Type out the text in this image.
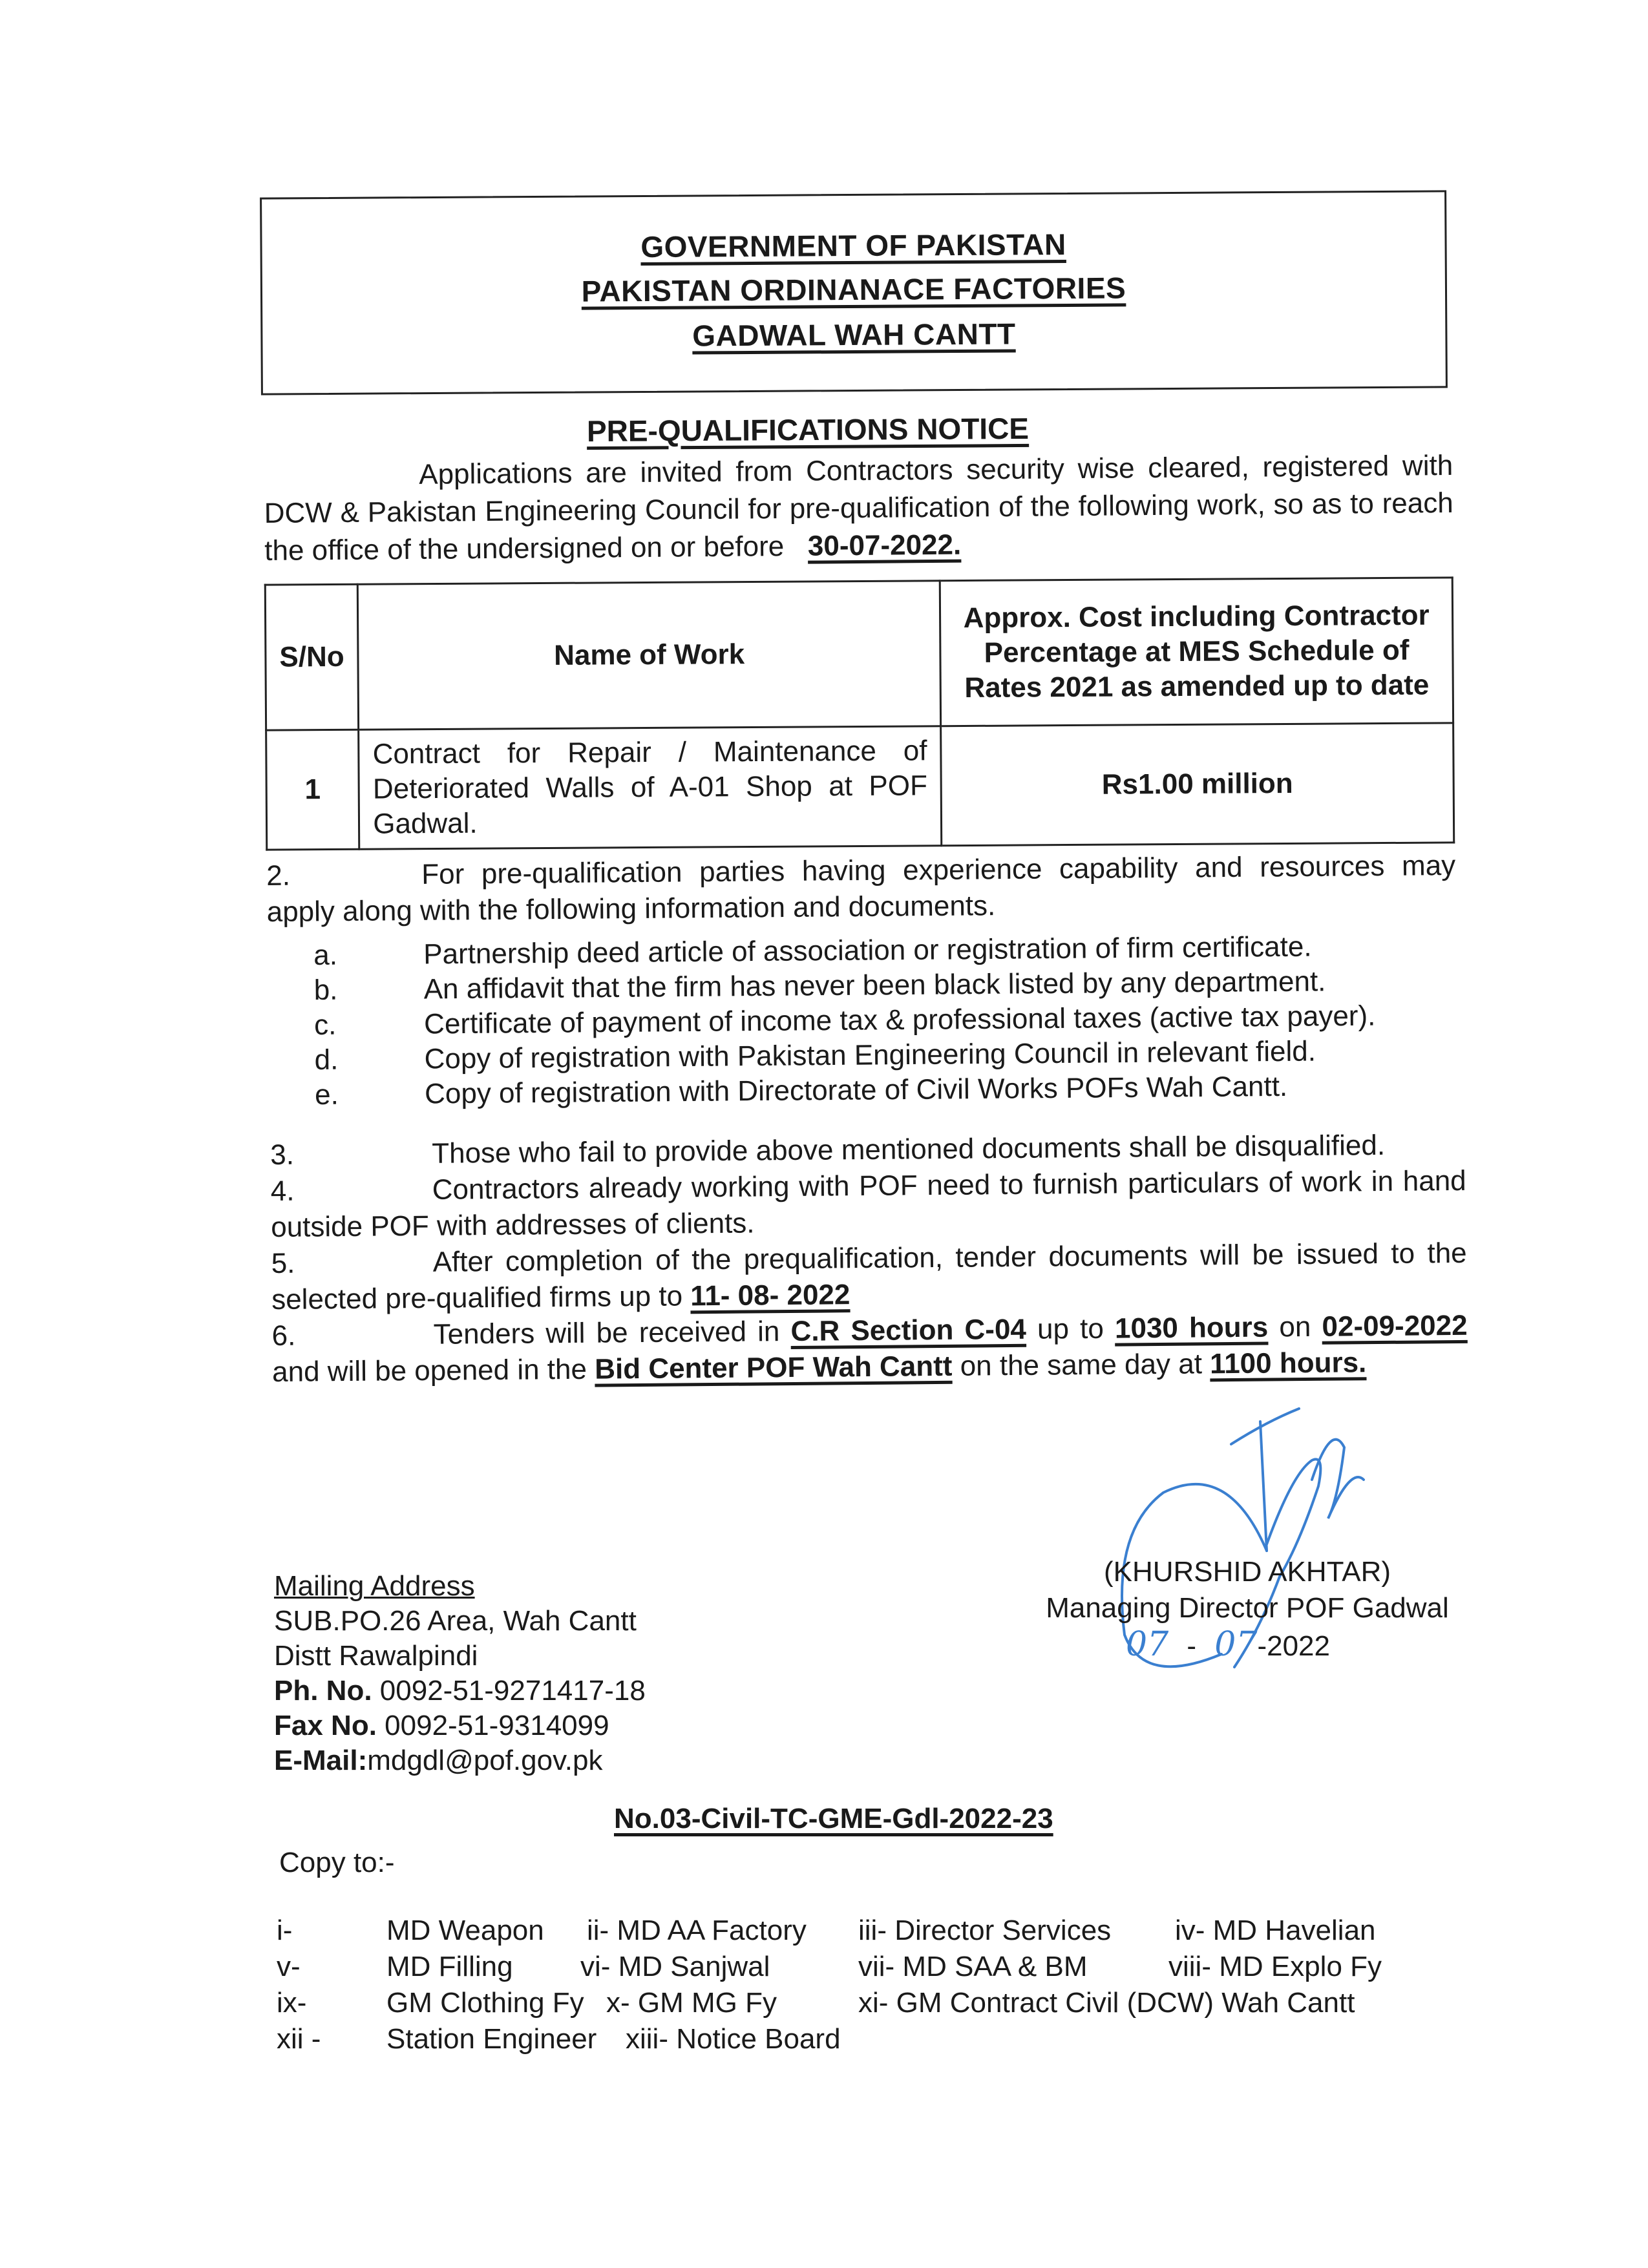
GOVERNMENT OF PAKISTAN
PAKISTAN ORDINANACE FACTORIES
GADWAL WAH CANTT
PRE-QUALIFICATIONS NOTICE
Applications are invited from Contractors security wise cleared, registered with DCW & Pakistan Engineering Council for pre-qualification of the following work, so as to reach the office of the undersigned on or before 30-07-2022.
S/No	Name of Work	Approx. Cost including Contractor Percentage at MES Schedule of Rates 2021 as amended up to date
1	Contract for Repair / Maintenance of Deteriorated Walls of A-01 Shop at POF Gadwal.	Rs1.00 million
2.	For pre-qualification parties having experience capability and resources may apply along with the following information and documents.
a.	Partnership deed article of association or registration of firm certificate.
b.	An affidavit that the firm has never been black listed by any department.
c.	Certificate of payment of income tax & professional taxes (active tax payer).
d.	Copy of registration with Pakistan Engineering Council in relevant field.
e.	Copy of registration with Directorate of Civil Works POFs Wah Cantt.
3.	Those who fail to provide above mentioned documents shall be disqualified.
4.	Contractors already working with POF need to furnish particulars of work in hand outside POF with addresses of clients.
5.	After completion of the prequalification, tender documents will be issued to the selected pre-qualified firms up to 11- 08- 2022
6.	Tenders will be received in C.R Section C-04 up to 1030 hours on 02-09-2022 and will be opened in the Bid Center POF Wah Cantt on the same day at 1100 hours.
(KHURSHID AKHTAR)
Managing Director POF Gadwal
07 - 07-2022
Mailing Address
SUB.PO.26 Area, Wah Cantt
Distt Rawalpindi
Ph. No. 0092-51-9271417-18
Fax No. 0092-51-9314099
E-Mail:mdgdl@pof.gov.pk
No.03-Civil-TC-GME-Gdl-2022-23
Copy to:-
i-	MD Weapon	ii- MD AA Factory	iii- Director Services	iv- MD Havelian
v-	MD Filling	vi- MD Sanjwal	vii- MD SAA & BM	viii- MD Explo Fy
ix-	GM Clothing Fy x- GM MG Fy	xi- GM Contract Civil (DCW) Wah Cantt
xii -	Station Engineer	xiii- Notice Board
